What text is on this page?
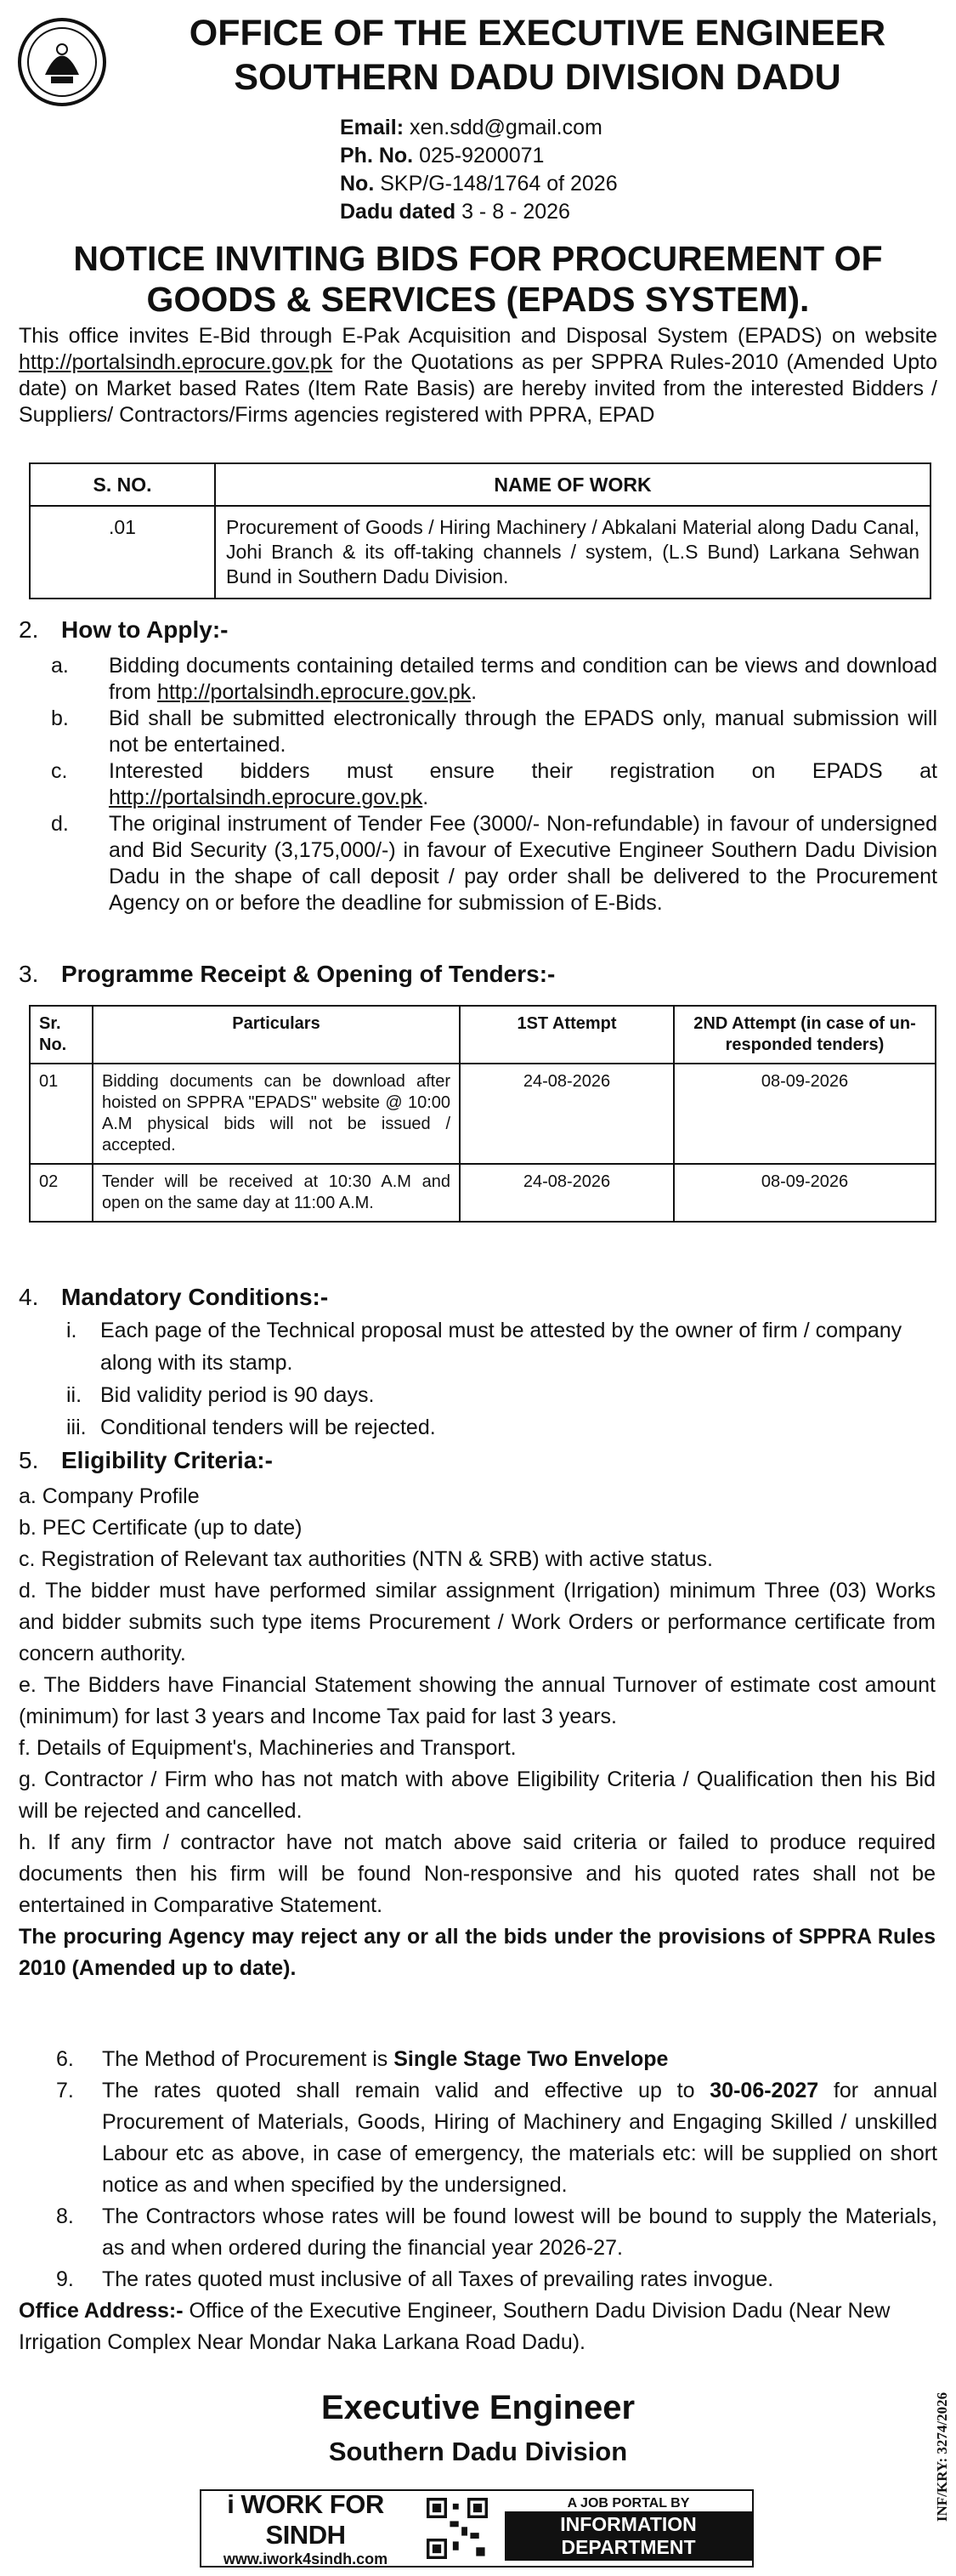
OFFICE OF THE EXECUTIVE ENGINEER
SOUTHERN DADU DIVISION DADU
Email: xen.sdd@gmail.com
Ph. No. 025-9200071
No. SKP/G-148/1764 of 2026
Dadu dated 3 - 8 - 2026
NOTICE INVITING BIDS FOR PROCUREMENT OF GOODS & SERVICES (EPADS SYSTEM).
This office invites E-Bid through E-Pak Acquisition and Disposal System (EPADS) on website http://portalsindh.eprocure.gov.pk for the Quotations as per SPPRA Rules-2010 (Amended Upto date) on Market based Rates (Item Rate Basis) are hereby invited from the interested Bidders / Suppliers/ Contractors/Firms agencies registered with PPRA, EPAD
S. NO.	NAME OF WORK
.01	Procurement of Goods / Hiring Machinery / Abkalani Material along Dadu Canal, Johi Branch & its off-taking channels / system, (L.S Bund) Larkana Sehwan Bund in Southern Dadu Division.
2. How to Apply:-
a.	Bidding documents containing detailed terms and condition can be views and download from http://portalsindh.eprocure.gov.pk.
b.	Bid shall be submitted electronically through the EPADS only, manual submission will not be entertained.
c.	Interested bidders must ensure their registration on EPADS at http://portalsindh.eprocure.gov.pk.
d.	The original instrument of Tender Fee (3000/- Non-refundable) in favour of undersigned and Bid Security (3,175,000/-) in favour of Executive Engineer Southern Dadu Division Dadu in the shape of call deposit / pay order shall be delivered to the Procurement Agency on or before the deadline for submission of E-Bids.
3. Programme Receipt & Opening of Tenders:-
Sr. No.	Particulars	1ST Attempt	2ND Attempt (in case of un-responded tenders)
01	Bidding documents can be download after hoisted on SPPRA "EPADS" website @ 10:00 A.M physical bids will not be issued / accepted.	24-08-2026	08-09-2026
02	Tender will be received at 10:30 A.M and open on the same day at 11:00 A.M.	24-08-2026	08-09-2026
4. Mandatory Conditions:-
i.	Each page of the Technical proposal must be attested by the owner of firm / company along with its stamp.
ii. Bid validity period is 90 days.
iii. Conditional tenders will be rejected.
5. Eligibility Criteria:-
a. Company Profile
b. PEC Certificate (up to date)
c. Registration of Relevant tax authorities (NTN & SRB) with active status.
d. The bidder must have performed similar assignment (Irrigation) minimum Three (03) Works and bidder submits such type items Procurement / Work Orders or performance certificate from concern authority.
e. The Bidders have Financial Statement showing the annual Turnover of estimate cost amount (minimum) for last 3 years and Income Tax paid for last 3 years.
f. Details of Equipment's, Machineries and Transport.
g. Contractor / Firm who has not match with above Eligibility Criteria / Qualification then his Bid will be rejected and cancelled.
h. If any firm / contractor have not match above said criteria or failed to produce required documents then his firm will be found Non-responsive and his quoted rates shall not be entertained in Comparative Statement.
The procuring Agency may reject any or all the bids under the provisions of SPPRA Rules 2010 (Amended up to date).
6.	The Method of Procurement is Single Stage Two Envelope
7.	The rates quoted shall remain valid and effective up to 30-06-2027 for annual Procurement of Materials, Goods, Hiring of Machinery and Engaging Skilled / unskilled Labour etc as above, in case of emergency, the materials etc: will be supplied on short notice as and when specified by the undersigned.
8.	The Contractors whose rates will be found lowest will be bound to supply the Materials, as and when ordered during the financial year 2026-27.
9.	The rates quoted must inclusive of all Taxes of prevailing rates invogue.
Office Address:- Office of the Executive Engineer, Southern Dadu Division Dadu (Near New Irrigation Complex Near Mondar Naka Larkana Road Dadu).
Executive Engineer
Southern Dadu Division	INF/KRY: 3274/2026
i WORK FOR SINDH
www.iwork4sindh.com
A JOB PORTAL BY
INFORMATION DEPARTMENT
